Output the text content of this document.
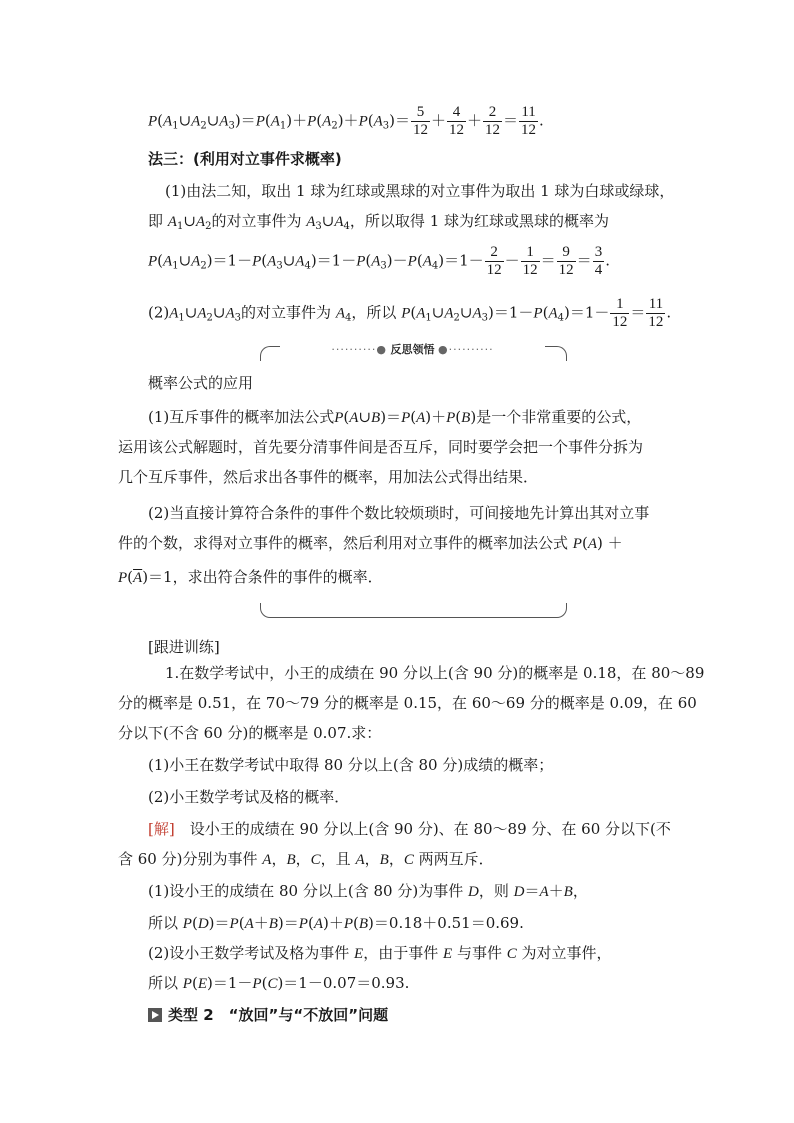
$P(A_1\cup A_2\cup A_3)=P(A_1)+P(A_2)+P(A_3)= \frac{5}{12} + \frac{4}{12} + \frac{2}{12} = \frac{11}{12}$ .
法三：(利用对立事件求概率)
(1)由法二知，取出 1 球为红球或黑球的对立事件为取出 1 球为白球或绿球，
即 $A_1\cup A_2$的对立事件为 $A_3\cup A_4$，所以取得 1 球为红球或黑球的概率为
$P(A_1\cup A_2)=1-P(A_3\cup A_4)=1-P(A_3)-P(A_4)=1- \frac{2}{12} - \frac{1}{12} = \frac{9}{12} = \frac{3}{4}$ .
$(2)A_1\cup A_2\cup A_3$的对立事件为 $A_4$，所以 $P(A_1\cup A_2\cup A_3)=1-P(A_4)=1- \frac{1}{12} = \frac{11}{12}$ .
··········● 反思领悟 ●··········
概率公式的应用
(1)互斥事件的概率加法公式P(A∪B)＝P(A)＋P(B)是一个非常重要的公式，
运用该公式解题时，首先要分清事件间是否互斥，同时要学会把一个事件分拆为
几个互斥事件，然后求出各事件的概率，用加法公式得出结果．
(2)当直接计算符合条件的事件个数比较烦琐时，可间接地先计算出其对立事
件的个数，求得对立事件的概率，然后利用对立事件的概率加法公式 P(A) ＋
$P(\overline{A})=1$，求出符合条件的事件的概率．
[跟进训练]
1.在数学考试中，小王的成绩在 90 分以上(含 90 分)的概率是 0.18，在 80～89
分的概率是 0.51，在 70～79 分的概率是 0.15，在 60～69 分的概率是 0.09，在 60
分以下(不含 60 分)的概率是 0.07.求：
(1)小王在数学考试中取得 80 分以上(含 80 分)成绩的概率；
(2)小王数学考试及格的概率．
[解]　 设小王的成绩在 90 分以上(含 90 分)、在 80～89 分、在 60 分以下(不
含 60 分)分别为事件 A，B，C，且 A，B，C 两两互斥．
(1)设小王的成绩在 80 分以上(含 80 分)为事件 D，则 D＝A＋B，
所以 P(D)＝P(A＋B)＝P(A)＋P(B)＝0.18＋0.51＝0.69.
(2)设小王数学考试及格为事件 E，由于事件 E 与事件 C 为对立事件，
所以 P(E)＝1－P(C)＝1－0.07＝0.93.
类型 2　“放回”与“不放回”问题
